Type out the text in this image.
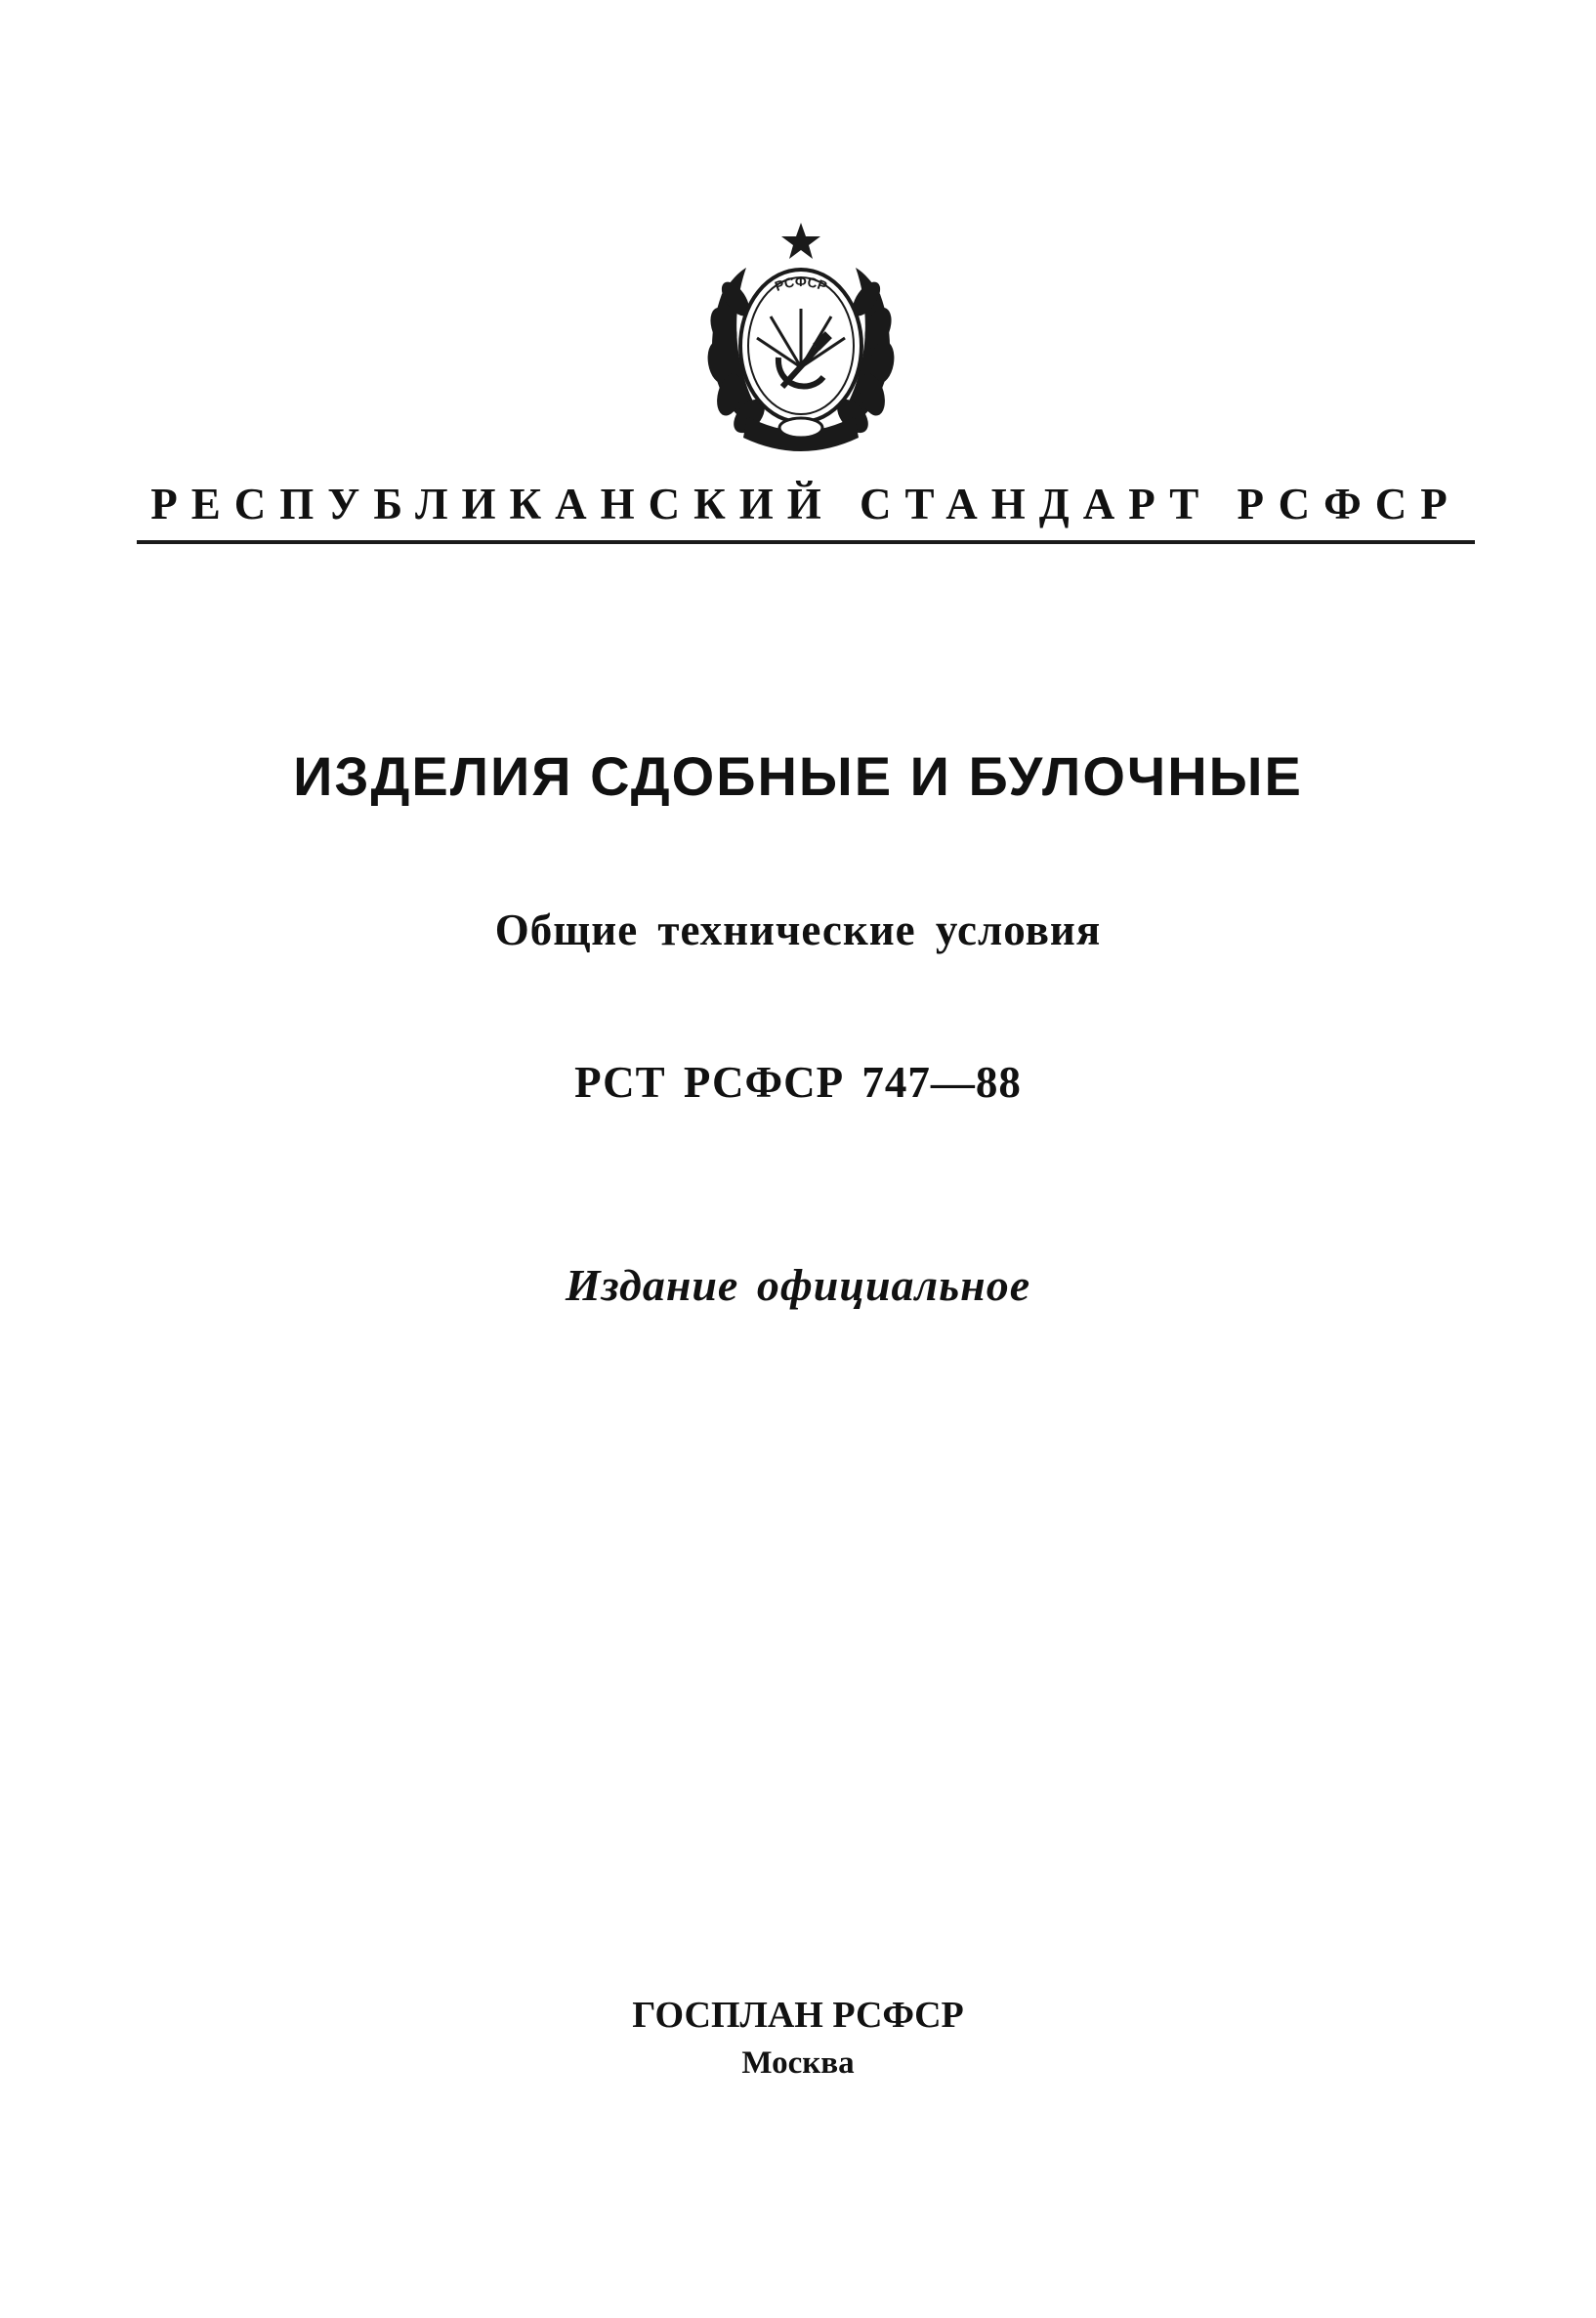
РСФСР
РЕСПУБЛИКАНСКИЙ СТАНДАРТ РСФСР
ИЗДЕЛИЯ СДОБНЫЕ И БУЛОЧНЫЕ
Общие технические условия
РСТ РСФСР 747—88
Издание официальное
ГОСПЛАН РСФСР
Москва
